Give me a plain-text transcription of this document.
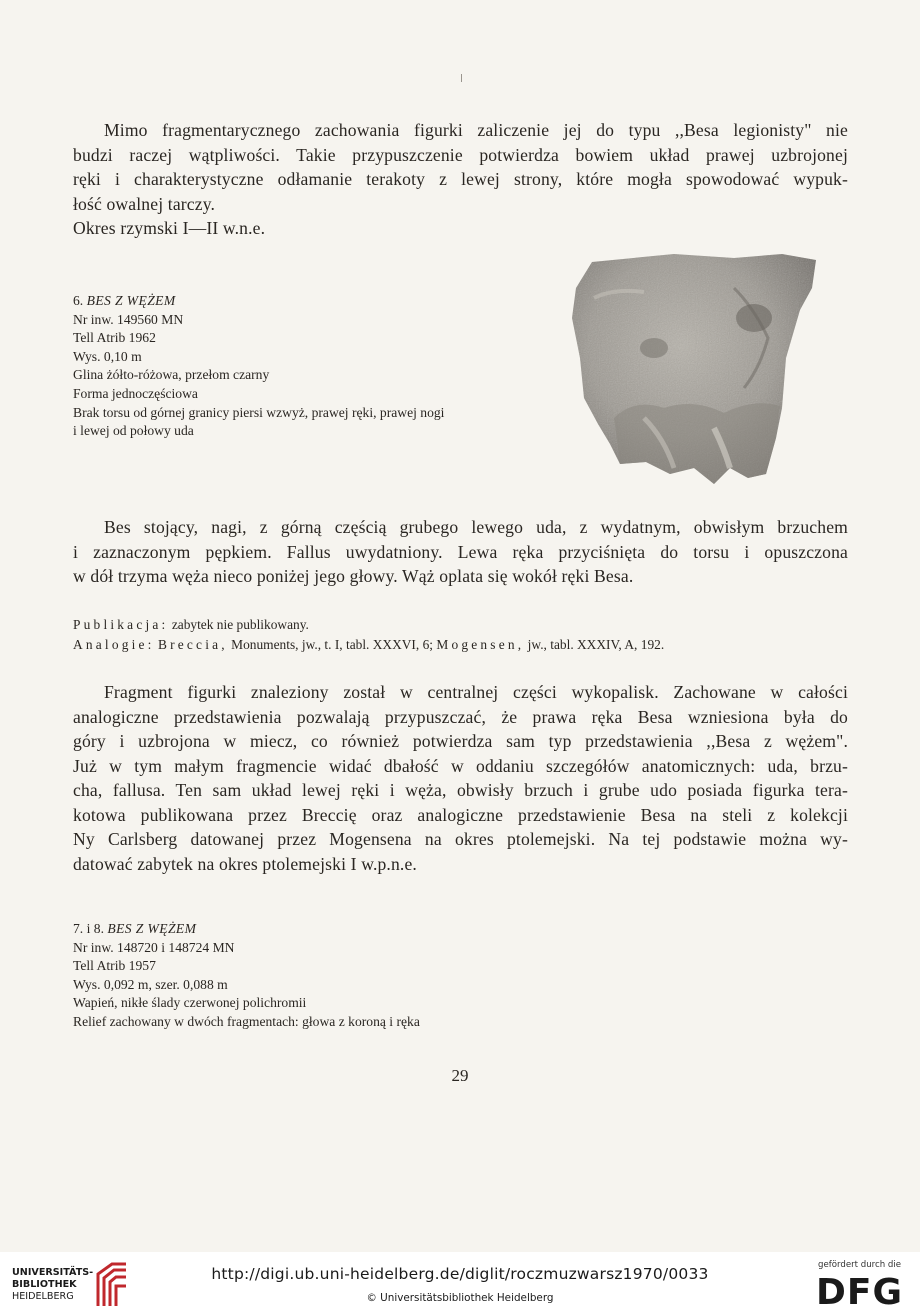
Mimo fragmentarycznego zachowania figurki zaliczenie jej do typu ,,Besa legionisty" nie
budzi raczej wątpliwości. Takie przypuszczenie potwierdza bowiem układ prawej uzbrojonej
ręki i charakterystyczne odłamanie terakoty z lewej strony, które mogła spowodować wypuk-
łość owalnej tarczy.
Okres rzymski I—II w.n.e.
6. BES Z WĘŻEM
Nr inw. 149560 MN
Tell Atrib 1962
Wys. 0,10 m
Glina żółto-różowa, przełom czarny
Forma jednoczęściowa
Brak torsu od górnej granicy piersi wzwyż, prawej ręki, prawej nogi
i lewej od połowy uda
Bes stojący, nagi, z górną częścią grubego lewego uda, z wydatnym, obwisłym brzuchem
i zaznaczonym pępkiem. Fallus uwydatniony. Lewa ręka przyciśnięta do torsu i opuszczona
w dół trzyma węża nieco poniżej jego głowy. Wąż oplata się wokół ręki Besa.
Publikacja: zabytek nie publikowany.
Analogie: Breccia, Monuments, jw., t. I, tabl. XXXVI, 6; Mogensen, jw., tabl. XXXIV, A, 192.
Fragment figurki znaleziony został w centralnej części wykopalisk. Zachowane w całości
analogiczne przedstawienia pozwalają przypuszczać, że prawa ręka Besa wzniesiona była do
góry i uzbrojona w miecz, co również potwierdza sam typ przedstawienia ,,Besa z wężem".
Już w tym małym fragmencie widać dbałość w oddaniu szczegółów anatomicznych: uda, brzu-
cha, fallusa. Ten sam układ lewej ręki i węża, obwisły brzuch i grube udo posiada figurka tera-
kotowa publikowana przez Breccię oraz analogiczne przedstawienie Besa na steli z kolekcji
Ny Carlsberg datowanej przez Mogensena na okres ptolemejski. Na tej podstawie można wy-
datować zabytek na okres ptolemejski I w.p.n.e.
7. i 8. BES Z WĘŻEM
Nr inw. 148720 i 148724 MN
Tell Atrib 1957
Wys. 0,092 m, szer. 0,088 m
Wapień, nikłe ślady czerwonej polichromii
Relief zachowany w dwóch fragmentach: głowa z koroną i ręka
29
UNIVERSITÄTS-
BIBLIOTHEK
HEIDELBERG
http://digi.ub.uni-heidelberg.de/diglit/roczmuzwarsz1970/0033
© Universitätsbibliothek Heidelberg
gefördert durch die
DFG
